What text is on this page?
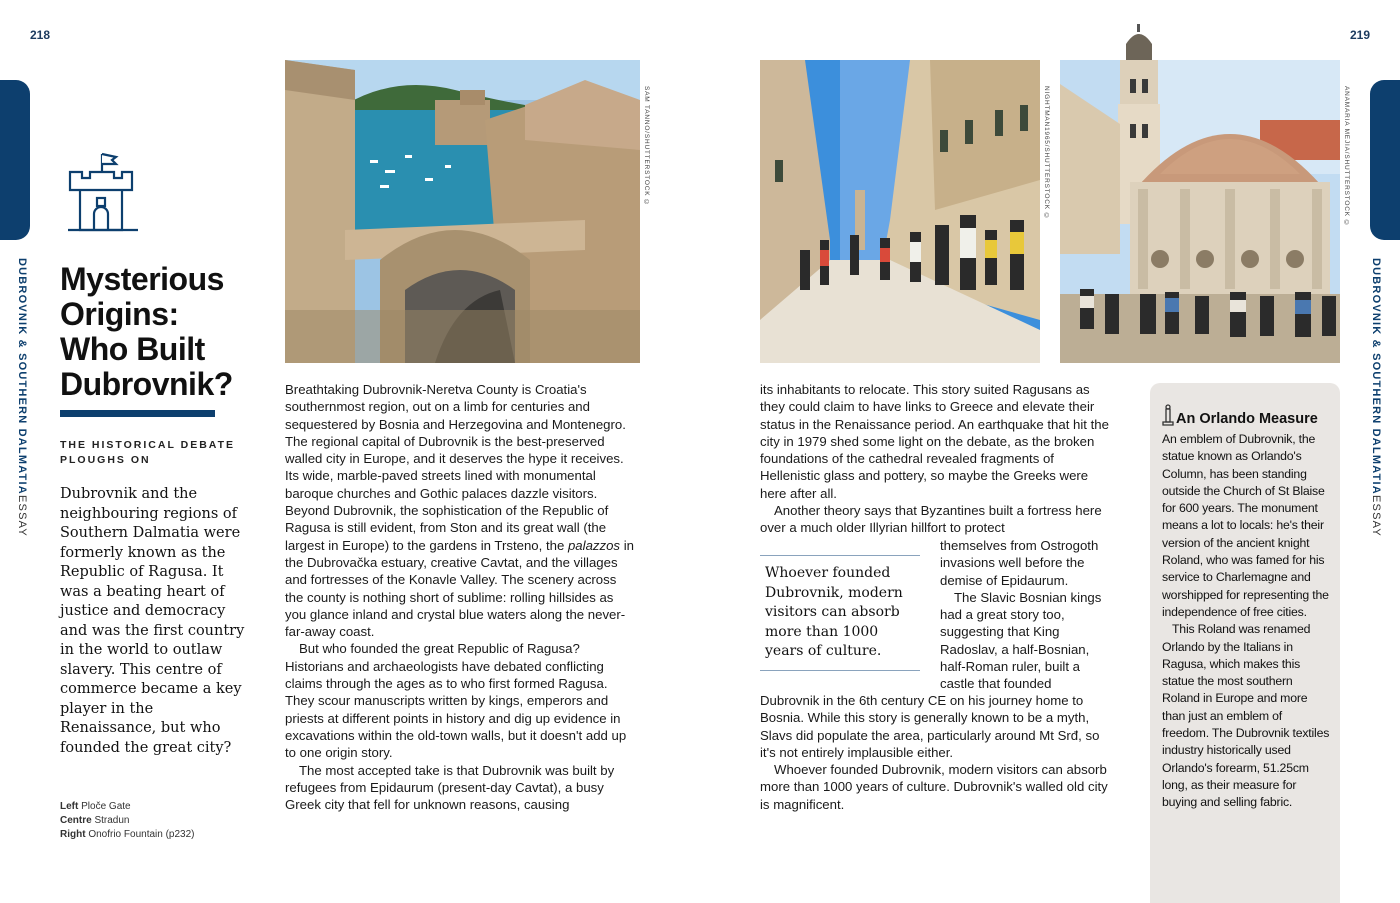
218	219
DUBROVNIK & SOUTHERN DALMATIAESSAY
DUBROVNIK & SOUTHERN DALMATIAESSAY
Mysterious
Origins:
Who Built
Dubrovnik?
THE HISTORICAL DEBATE PLOUGHS ON
Dubrovnik and the neighbouring regions of Southern Dalmatia were formerly known as the Republic of Ragusa. It was a beating heart of justice and democracy and was the first country in the world to outlaw slavery. This centre of commerce became a key player in the Renaissance, but who founded the great city?
Left Ploče Gate
Centre Stradun
Right Onofrio Fountain (p232)
SAM TANNO/SHUTTERSTOCK ©	NIGHTMAN1965/SHUTTERSTOCK ©	ANAMARIA MEJIA/SHUTTERSTOCK ©

Breathtaking Dubrovnik-Neretva County is Croatia's southernmost region, out on a limb for centuries and sequestered by Bosnia and Herzegovina and Montenegro. The regional capital of Dubrovnik is the best-preserved walled city in Europe, and it deserves the hype it receives. Its wide, marble-paved streets lined with monumental baroque churches and Gothic palaces dazzle visitors. Beyond Dubrovnik, the sophistication of the Republic of Ragusa is still evident, from Ston and its great wall (the largest in Europe) to the gardens in Trsteno, the palazzos in the Dubrovačka estuary, creative Cavtat, and the villages and fortresses of the Konavle Valley. The scenery across the county is nothing short of sublime: rolling hillsides as you glance inland and crystal blue waters along the never-far-away coast.

But who founded the great Republic of Ragusa? Historians and archaeologists have debated conflicting claims through the ages as to who first formed Ragusa. They scour manuscripts written by kings, emperors and priests at different points in history and dig up evidence in excavations within the old-town walls, but it doesn't add up to one origin story.

The most accepted take is that Dubrovnik was built by refugees from Epidaurum (present-day Cavtat), a busy Greek city that fell for unknown reasons, causing

its inhabitants to relocate. This story suited Ragusans as they could claim to have links to Greece and elevate their status in the Renaissance period. An earthquake that hit the city in 1979 shed some light on the debate, as the broken foundations of the cathedral revealed fragments of Hellenistic glass and pottery, so maybe the Greeks were here after all.

Another theory says that Byzantines built a fortress here over a much older Illyrian hillfort to protect

themselves from Ostrogoth invasions well before the demise of Epidaurum.

The Slavic Bosnian kings had a great story too, suggesting that King Radoslav, a half-Bosnian, half-Roman ruler, built a castle that founded

Dubrovnik in the 6th century CE on his journey home to Bosnia. While this story is generally known to be a myth, Slavs did populate the area, particularly around Mt Srđ, so it's not entirely implausible either.

Whoever founded Dubrovnik, modern visitors can absorb more than 1000 years of culture. Dubrovnik's walled old city is magnificent.

Whoever founded Dubrovnik, modern visitors can absorb more than 1000 years of culture.
An Orlando Measure

An emblem of Dubrovnik, the statue known as Orlando's Column, has been standing outside the Church of St Blaise for 600 years. The monument means a lot to locals: he's their version of the ancient knight Roland, who was famed for his service to Charlemagne and worshipped for representing the independence of free cities.

This Roland was renamed Orlando by the Italians in Ragusa, which makes this statue the most southern Roland in Europe and more than just an emblem of freedom. The Dubrovnik textiles industry historically used Orlando's forearm, 51.25cm long, as their measure for buying and selling fabric.
